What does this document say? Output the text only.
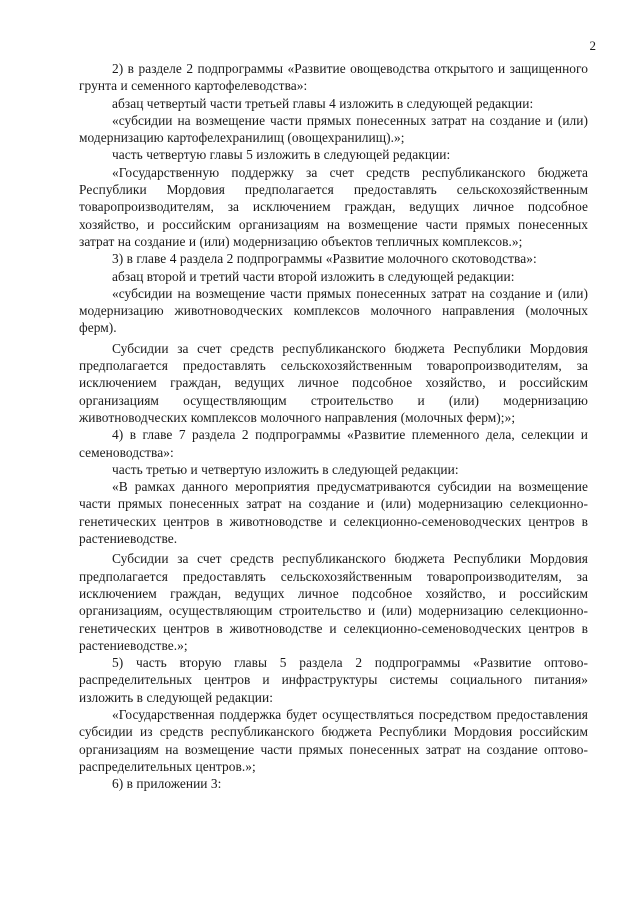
2

2) в разделе 2 подпрограммы «Развитие овощеводства открытого и защищенного грунта и семенного картофелеводства»:

абзац четвертый части третьей главы 4 изложить в следующей редакции:

«субсидии на возмещение части прямых понесенных затрат на создание и (или) модернизацию картофелехранилищ (овощехранилищ).»;

часть четвертую главы 5 изложить в следующей редакции:

«Государственную поддержку за счет средств республиканского бюджета Республики Мордовия предполагается предоставлять сельскохозяйственным товаропроизводителям, за исключением граждан, ведущих личное подсобное хозяйство, и российским организациям на возмещение части прямых понесенных затрат на создание и (или) модернизацию объектов тепличных комплексов.»;

3) в главе 4 раздела 2 подпрограммы «Развитие молочного скотоводства»:

абзац второй и третий части второй изложить в следующей редакции:

«субсидии на возмещение части прямых понесенных затрат на создание и (или) модернизацию животноводческих комплексов молочного направления (молочных ферм).

Субсидии за счет средств республиканского бюджета Республики Мордовия предполагается предоставлять сельскохозяйственным товаропроизводителям, за исключением граждан, ведущих личное подсобное хозяйство, и российским организациям осуществляющим строительство и (или) модернизацию животноводческих комплексов молочного направления (молочных ферм);»;

4) в главе 7 раздела 2 подпрограммы «Развитие племенного дела, селекции и семеноводства»:

часть третью и четвертую изложить в следующей редакции:

«В рамках данного мероприятия предусматриваются субсидии на возмещение части прямых понесенных затрат на создание и (или) модернизацию селекционно-генетических центров в животноводстве и селекционно-семеноводческих центров в растениеводстве.

Субсидии за счет средств республиканского бюджета Республики Мордовия предполагается предоставлять сельскохозяйственным товаропроизводителям, за исключением граждан, ведущих личное подсобное хозяйство, и российским организациям, осуществляющим строительство и (или) модернизацию селекционно-генетических центров в животноводстве и селекционно-семеноводческих центров в растениеводстве.»;

5) часть вторую главы 5 раздела 2 подпрограммы «Развитие оптово-распределительных центров и инфраструктуры системы социального питания» изложить в следующей редакции:

«Государственная поддержка будет осуществляться посредством предоставления субсидии из средств республиканского бюджета Республики Мордовия российским организациям на возмещение части прямых понесенных затрат на создание оптово-распределительных центров.»;

6) в приложении 3:
